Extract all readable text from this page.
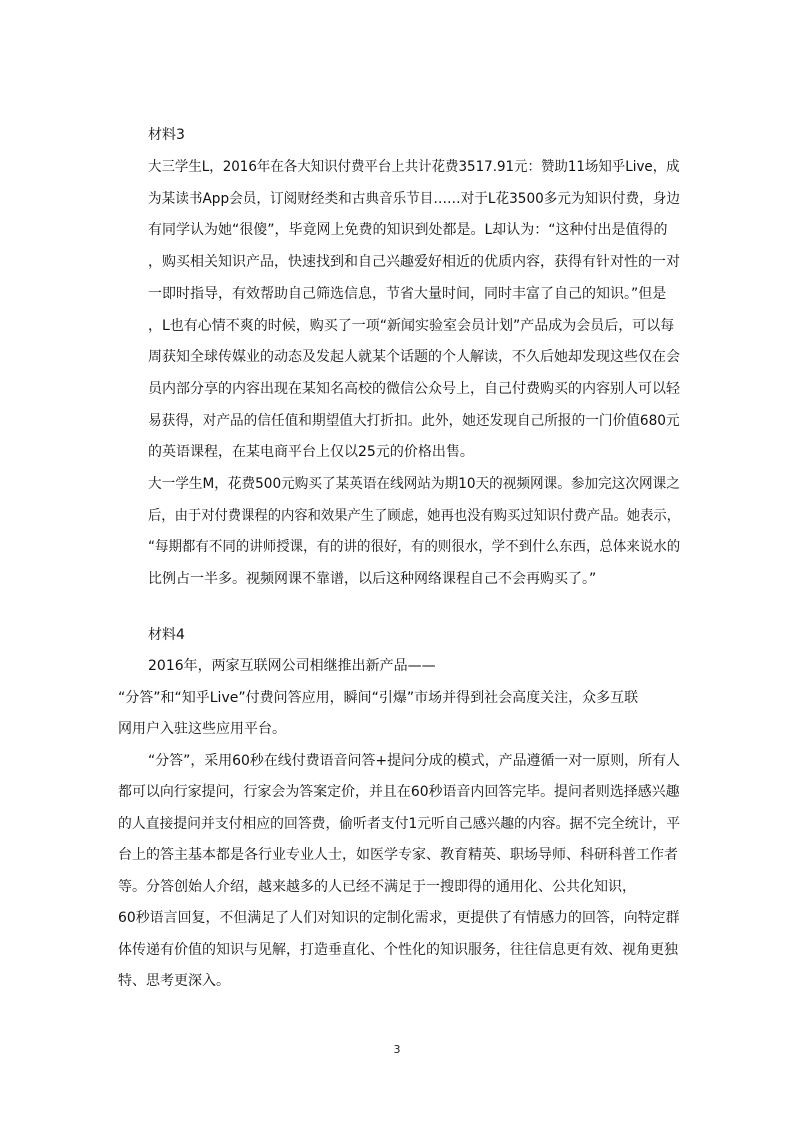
材料3
大三学生L，2016年在各大知识付费平台上共计花费3517.91元：赞助11场知乎Live，成
为某读书App会员，订阅财经类和古典音乐节目……对于L花3500多元为知识付费，身边
有同学认为她“很傻”，毕竟网上免费的知识到处都是。L却认为：“这种付出是值得的
，购买相关知识产品，快速找到和自己兴趣爱好相近的优质内容，获得有针对性的一对
一即时指导，有效帮助自己筛选信息，节省大量时间，同时丰富了自己的知识。”但是
，L也有心情不爽的时候，购买了一项“新闻实验室会员计划”产品成为会员后，可以每
周获知全球传媒业的动态及发起人就某个话题的个人解读，不久后她却发现这些仅在会
员内部分享的内容出现在某知名高校的微信公众号上，自己付费购买的内容别人可以轻
易获得，对产品的信任值和期望值大打折扣。此外，她还发现自己所报的一门价值680元
的英语课程，在某电商平台上仅以25元的价格出售。
大一学生M，花费500元购买了某英语在线网站为期10天的视频网课。参加完这次网课之
后，由于对付费课程的内容和效果产生了顾虑，她再也没有购买过知识付费产品。她表示，
“每期都有不同的讲师授课，有的讲的很好，有的则很水，学不到什么东西，总体来说水的
比例占一半多。视频网课不靠谱，以后这种网络课程自己不会再购买了。”
材料4
2016年，两家互联网公司相继推出新产品——
“分答”和“知乎Live”付费问答应用，瞬间“引爆”市场并得到社会高度关注，众多互联
网用户入驻这些应用平台。
“分答”，采用60秒在线付费语音问答+提问分成的模式，产品遵循一对一原则，所有人
都可以向行家提问，行家会为答案定价，并且在60秒语音内回答完毕。提问者则选择感兴趣
的人直接提问并支付相应的回答费，偷听者支付1元听自己感兴趣的内容。据不完全统计，平
台上的答主基本都是各行业专业人士，如医学专家、教育精英、职场导师、科研科普工作者
等。分答创始人介绍，越来越多的人已经不满足于一搜即得的通用化、公共化知识，
60秒语言回复，不但满足了人们对知识的定制化需求，更提供了有情感力的回答，向特定群
体传递有价值的知识与见解，打造垂直化、个性化的知识服务，往往信息更有效、视角更独
特、思考更深入。
3
